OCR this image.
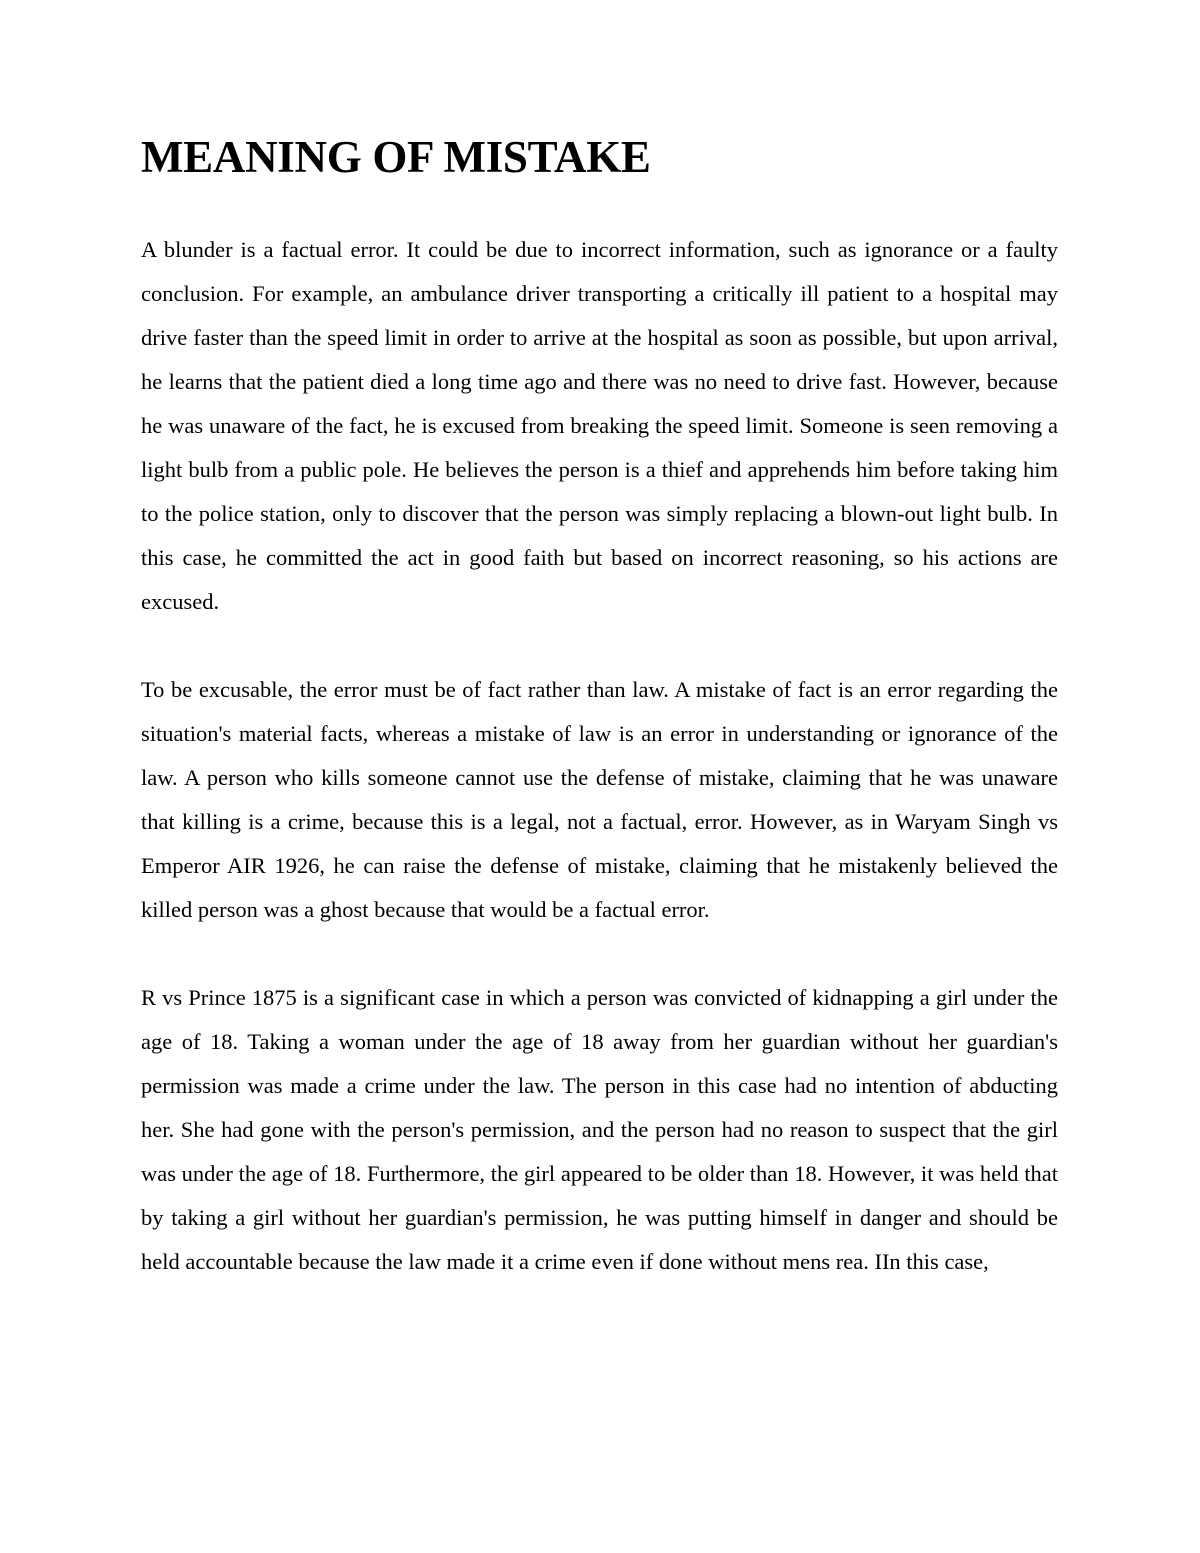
MEANING OF MISTAKE

A blunder is a factual error. It could be due to incorrect information, such as ignorance or a faulty conclusion. For example, an ambulance driver transporting a critically ill patient to a hospital may drive faster than the speed limit in order to arrive at the hospital as soon as possible, but upon arrival, he learns that the patient died a long time ago and there was no need to drive fast. However, because he was unaware of the fact, he is excused from breaking the speed limit. Someone is seen removing a light bulb from a public pole. He believes the person is a thief and apprehends him before taking him to the police station, only to discover that the person was simply replacing a blown-out light bulb. In this case, he committed the act in good faith but based on incorrect reasoning, so his actions are excused.

To be excusable, the error must be of fact rather than law. A mistake of fact is an error regarding the situation's material facts, whereas a mistake of law is an error in understanding or ignorance of the law. A person who kills someone cannot use the defense of mistake, claiming that he was unaware that killing is a crime, because this is a legal, not a factual, error. However, as in Waryam Singh vs Emperor AIR 1926, he can raise the defense of mistake, claiming that he mistakenly believed the killed person was a ghost because that would be a factual error.

R vs Prince 1875 is a significant case in which a person was convicted of kidnapping a girl under the age of 18. Taking a woman under the age of 18 away from her guardian without her guardian's permission was made a crime under the law. The person in this case had no intention of abducting her. She had gone with the person's permission, and the person had no reason to suspect that the girl was under the age of 18. Furthermore, the girl appeared to be older than 18. However, it was held that by taking a girl without her guardian's permission, he was putting himself in danger and should be held accountable because the law made it a crime even if done without mens rea. IIn this case,
